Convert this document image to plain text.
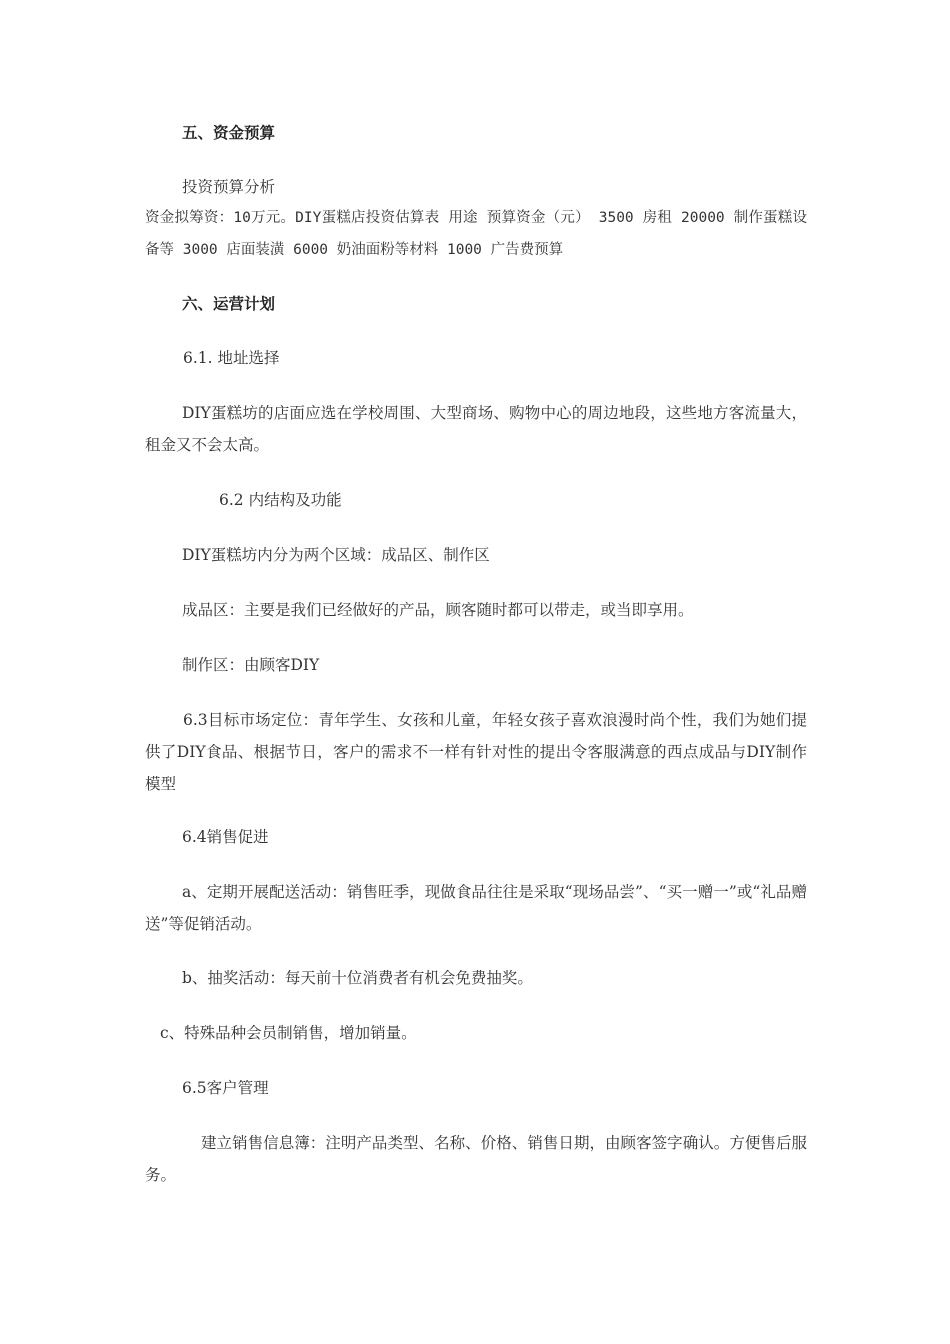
五、资金预算
投资预算分析
资金拟筹资：10万元。DIY蛋糕店投资估算表 用途 预算资金（元） 3500 房租 20000 制作蛋糕设备等 3000 店面装潢 6000 奶油面粉等材料 1000 广告费预算
六、运营计划
6.1. 地址选择
DIY蛋糕坊的店面应选在学校周围、大型商场、购物中心的周边地段，这些地方客流量大，租金又不会太高。
6.2 内结构及功能
DIY蛋糕坊内分为两个区域：成品区、制作区
成品区：主要是我们已经做好的产品，顾客随时都可以带走，或当即享用。
制作区：由顾客DIY
6.3目标市场定位：青年学生、女孩和儿童，年轻女孩子喜欢浪漫时尚个性，我们为她们提供了DIY食品、根据节日，客户的需求不一样有针对性的提出令客服满意的西点成品与DIY制作模型
6.4销售促进
a、定期开展配送活动：销售旺季，现做食品往往是采取“现场品尝”、“买一赠一”或“礼品赠送”等促销活动。
b、抽奖活动：每天前十位消费者有机会免费抽奖。
c、特殊品种会员制销售，增加销量。
6.5客户管理
建立销售信息簿：注明产品类型、名称、价格、销售日期，由顾客签字确认。方便售后服务。
